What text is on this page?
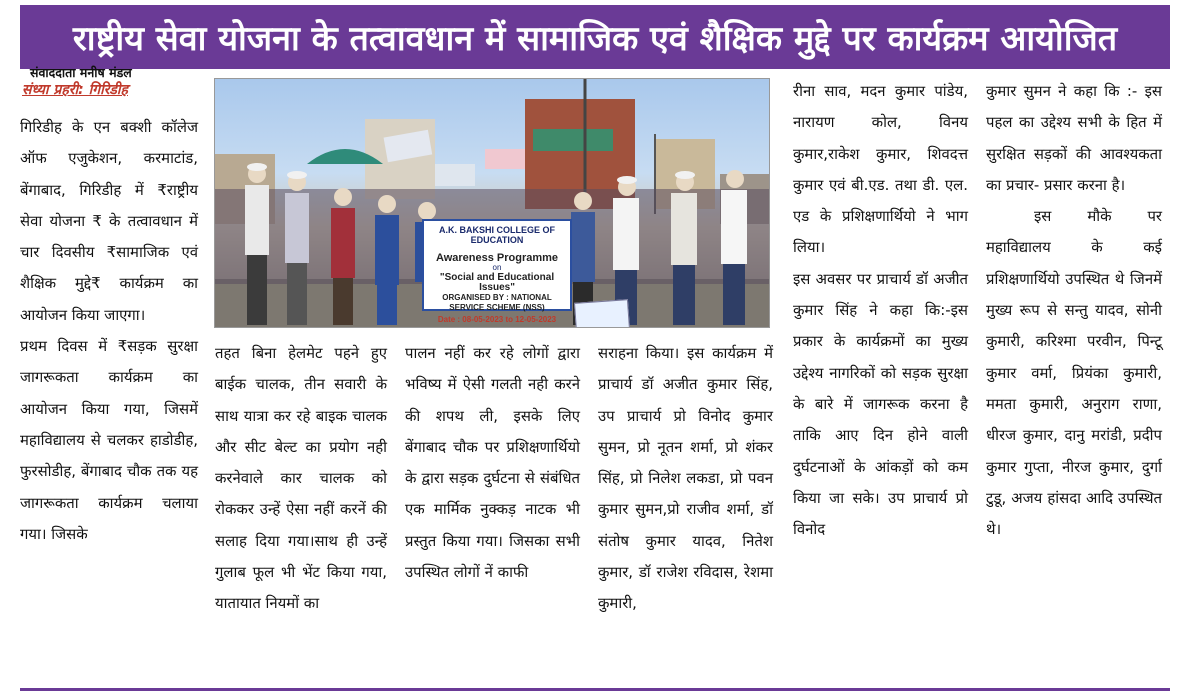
राष्ट्रीय सेवा योजना के तत्वावधान में सामाजिक एवं शैक्षिक मुद्दे पर कार्यक्रम आयोजित
संवाददाता मनीष मंडल
संध्या प्रहरी: गिरिडीह

गिरिडीह के एन बक्शी कॉलेज ऑफ एजुकेशन, करमाटांड, बेंगाबाद, गिरिडीह में ₹राष्ट्रीय सेवा योजना ₹ के तत्वावधान में चार दिवसीय ₹सामाजिक एवं शैक्षिक मुद्दे₹ कार्यक्रम का आयोजन किया जाएगा।

प्रथम दिवस में ₹सड़क सुरक्षा जागरूकता कार्यक्रम का आयोजन किया गया, जिसमें महाविद्यालय से चलकर हाडोडीह, फुरसोडीह, बेंगाबाद चौक तक यह जागरूकता कार्यक्रम चलाया गया। जिसके

A.K. BAKSHI COLLEGE OF EDUCATION
Awareness Programme
on
"Social and Educational Issues"
ORGANISED BY : NATIONAL SERVICE SCHEME (NSS)
Date : 08-05-2023 to 12-05-2023

तहत बिना हेलमेट पहने हुए बाईक चालक, तीन सवारी के साथ यात्रा कर रहे बाइक चालक और सीट बेल्ट का प्रयोग नही करनेवाले कार चालक को रोककर उन्हें ऐसा नहीं करनें की सलाह दिया गया।साथ ही उन्हें गुलाब फूल भी भेंट किया गया, यातायात नियमों का

पालन नहीं कर रहे लोगों द्वारा भविष्य में ऐसी गलती नही करने की शपथ ली, इसके लिए बेंगाबाद चौक पर प्रशिक्षणार्थियो के द्वारा सड़क दुर्घटना से संबंधित एक मार्मिक नुक्कड़ नाटक भी प्रस्तुत किया गया। जिसका सभी उपस्थित लोगों नें काफी

सराहना किया। इस कार्यक्रम में प्राचार्य डॉ अजीत कुमार सिंह, उप प्राचार्य प्रो विनोद कुमार सुमन, प्रो नूतन शर्मा, प्रो शंकर सिंह, प्रो निलेश लकडा, प्रो पवन कुमार सुमन,प्रो राजीव शर्मा, डॉ संतोष कुमार यादव, नितेश कुमार, डॉ राजेश रविदास, रेशमा कुमारी,

रीना साव, मदन कुमार पांडेय, नारायण कोल, विनय कुमार,राकेश कुमार, शिवदत्त कुमार एवं बी.एड. तथा डी. एल. एड के प्रशिक्षणार्थियो ने भाग लिया।

इस अवसर पर प्राचार्य डॉ अजीत कुमार सिंह ने कहा कि:-इस प्रकार के कार्यक्रमों का मुख्य उद्देश्य नागरिकों को सड़क सुरक्षा के बारे में जागरूक करना है ताकि आए दिन होने वाली दुर्घटनाओं के आंकड़ों को कम किया जा सके। उप प्राचार्य प्रो विनोद

कुमार सुमन ने कहा कि :- इस पहल का उद्देश्य सभी के हित में सुरक्षित सड़कों की आवश्यकता का प्रचार- प्रसार करना है।

इस मौके पर महाविद्यालय के कई प्रशिक्षणार्थियो उपस्थित थे जिनमें मुख्य रूप से सन्तु यादव, सोनी कुमारी, करिश्मा परवीन, पिन्टू कुमार वर्मा, प्रियंका कुमारी, ममता कुमारी, अनुराग राणा, धीरज कुमार, दानु मरांडी, प्रदीप कुमार गुप्ता, नीरज कुमार, दुर्गा टुडू, अजय हांसदा आदि उपस्थित थे।
